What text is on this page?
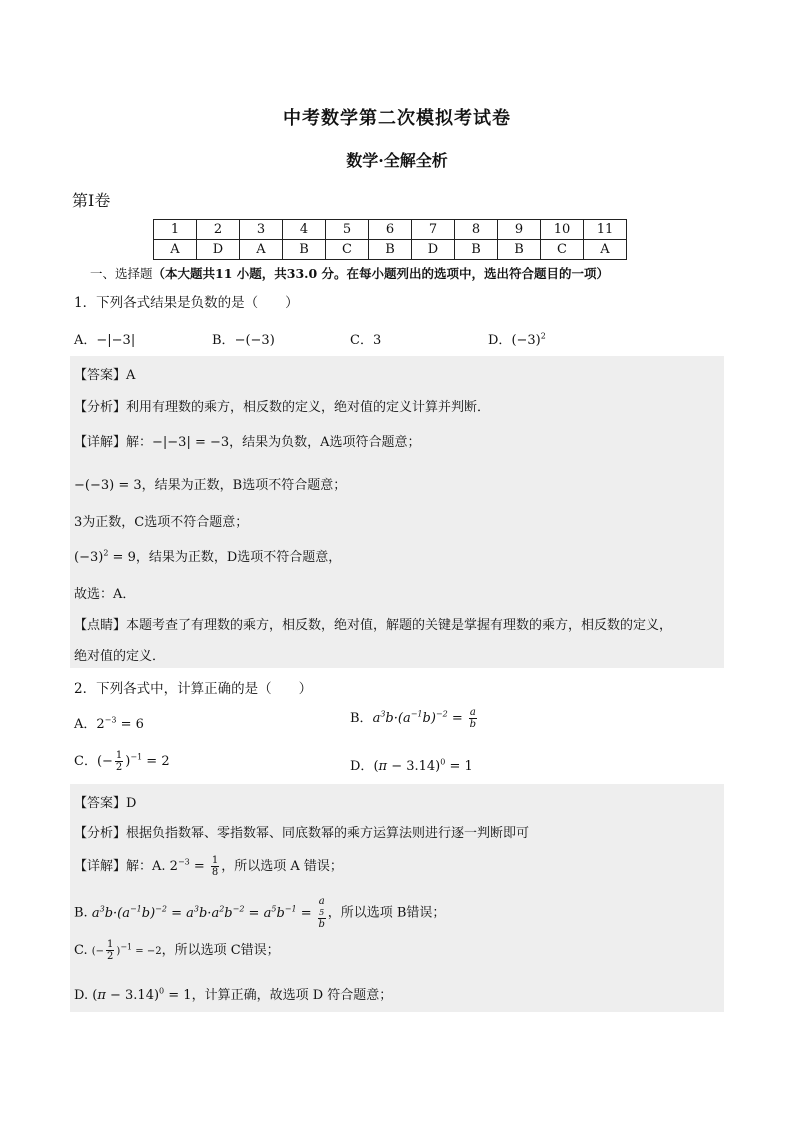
中考数学第二次模拟考试卷
数学·全解全析
第Ⅰ卷
1	2	3	4	5	6	7	8	9	10	11
A	D	A	B	C	B	D	B	B	C	A
一、选择题（本大题共11 小题，共33.0 分。在每小题列出的选项中，选出符合题目的一项）
1．下列各式结果是负数的是（　　）
A．−|−3|	B．−(−3)	C．3	D．$(-3)^2$
【答案】A
【分析】利用有理数的乘方，相反数的定义，绝对值的定义计算并判断．
【详解】解：−|−3| = −3，结果为负数，A选项符合题意；
−(−3) = 3，结果为正数，B选项不符合题意；
3为正数，C选项不符合题意；
$(-3)^2 = 9$，结果为正数，D选项不符合题意，
故选：A．
【点睛】本题考查了有理数的乘方，相反数，绝对值，解题的关键是掌握有理数的乘方，相反数的定义，
绝对值的定义．
2．下列各式中，计算正确的是（　　）
A．$2^{-3} = 6$	B．$a^3b\cdot(a^{-1}b)^{-2} = \frac{a}{b}$
C．(− $\frac{1}{2} )^{-1} = 2$	D．$(\pi - 3.14)^0 = 1$
【答案】D
【分析】根据负指数幂、零指数幂、同底数幂的乘方运算法则进行逐一判断即可
【详解】解：A. $2^{-3} = \frac{1}{8}$ ，所以选项 A 错误；
B. $a^3b\cdot(a^{-1}b)^{-2} = a^3b\cdot a^2b^{-2} = a^5b^{-1} = a$
5
b ，所以选项 B错误；
C. (− $\frac{1}{2} )^{-1} = -2$，所以选项 C错误；
D. $(\pi - 3.14)^0 = 1$，计算正确，故选项 D 符合题意；
